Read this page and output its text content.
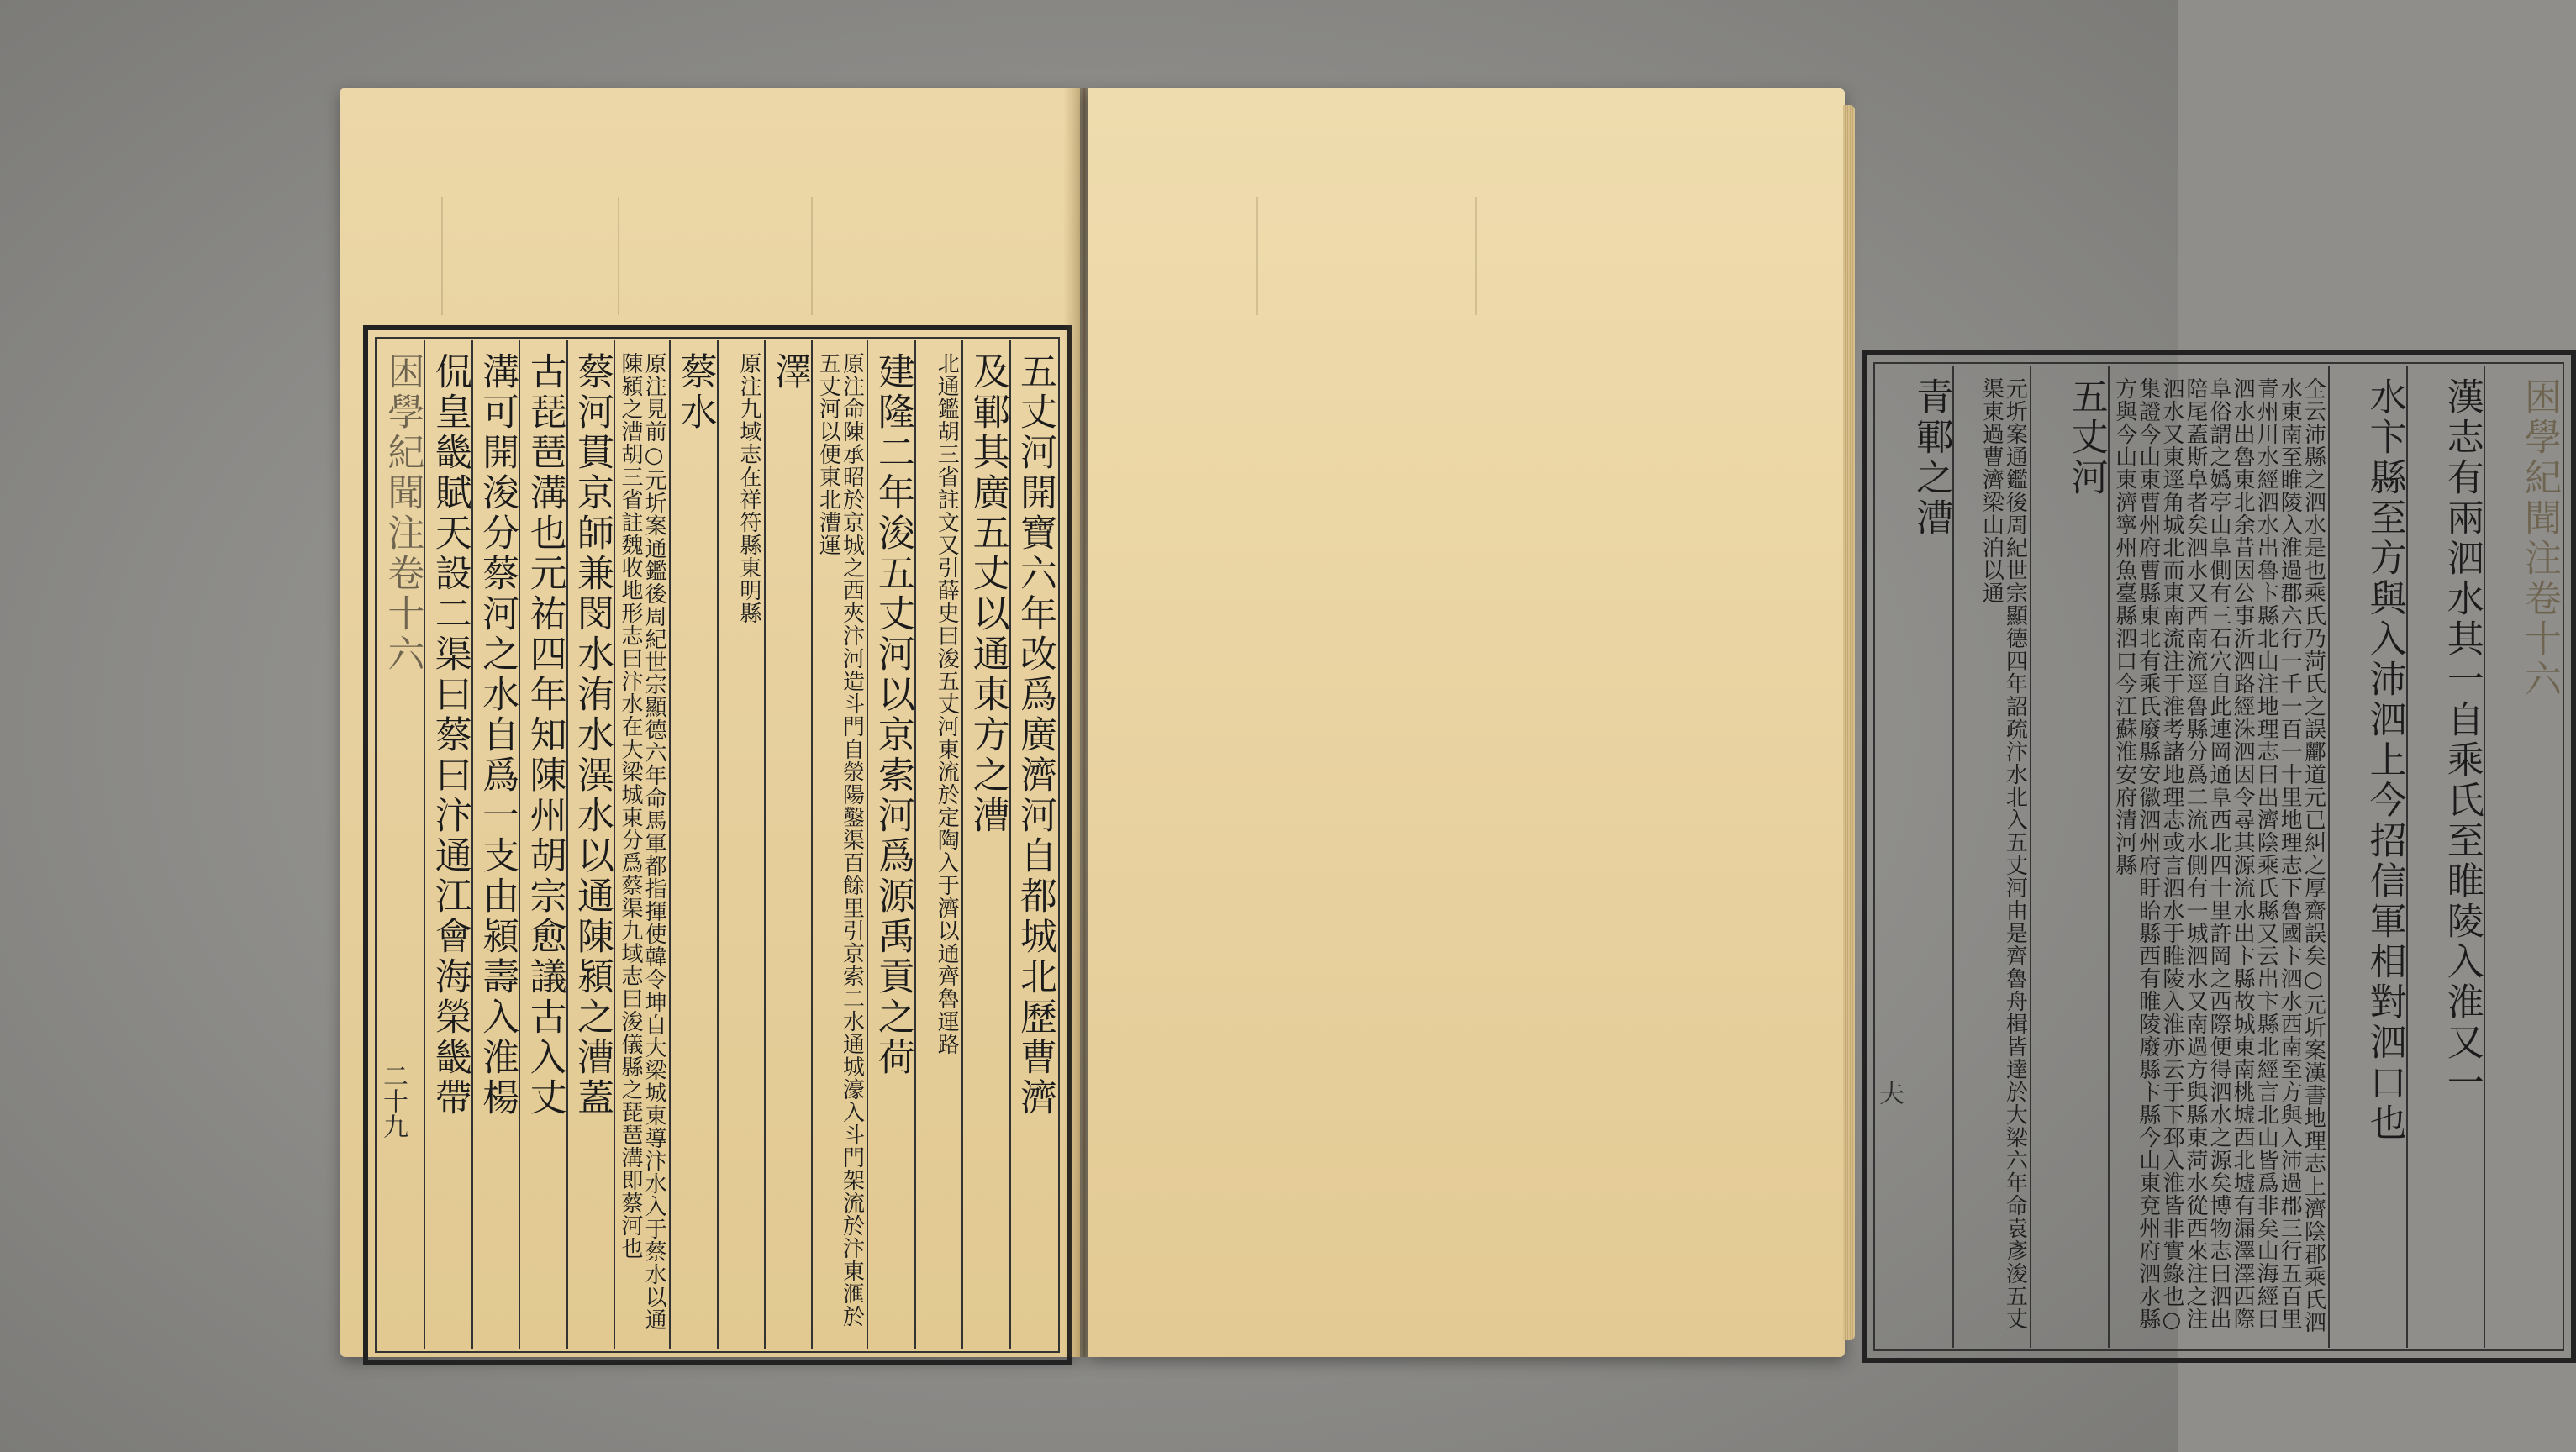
五丈河開寶六年改爲廣濟河自都城北歷曹濟
及鄆其廣五丈以通東方之漕
北通鑑胡三省註文又引薛史曰浚五丈河東流於定陶入于濟以通齊魯運路
建隆二年浚五丈河以京索河爲源禹貢之荷
原注命陳承昭於京城之西夾汴河造斗門自滎陽鑿渠百餘里引京索二水通城濠入斗門架流於汴東滙於五丈河以便東北漕運
澤
原注九域志在祥符縣東明縣
蔡水
原注見前○元圻案通鑑後周紀世宗顯德六年命馬軍都指揮使韓令坤自大梁城東導汴水入于蔡水以通陳潁之漕胡三省註魏收地形志曰汴水在大梁城東分爲蔡渠九域志曰浚儀縣之琵琶溝即蔡河也
蔡河貫京師兼閔水洧水潩水以通陳潁之漕蓋
古琵琶溝也元祐四年知陳州胡宗愈議古入丈
溝可開浚分蔡河之水自爲一支由潁壽入淮楊
侃皇畿賦天設二渠曰蔡曰汴通江會海榮畿帶
困學紀聞注卷十六
二十九
困學紀聞注卷十六
漢志有兩泗水其一自乘氏至睢陵入淮又一
水卞縣至方與入沛泗上今招信軍相對泗口也
全云沛縣之泗水是也乘氏乃菏氏之誤酈道元已糾之厚齋誤矣○元圻案漢書地理志上濟陰郡乘氏泗水東南至睢陵入淮過郡六行一千一百一十里地理志下魯國卞泗水西南至方與入沛過郡三行五百里青州川水經泗水出魯卞縣北山注地理志曰出濟陰乘氏縣又云出卞縣北經言北山皆爲非矣山海經曰泗水出魯東北余昔因公事沂泗路經洙泗因令尋其源流水出卞縣故城東南桃墟西北墟有漏澤澤西際阜俗謂之嬀亭山阜側有三石穴自此連岡通阜西北四十里許岡之西際便得泗水之源矣博物志曰泗出陪尾蓋斯阜者矣泗水又西南流逕魯縣分爲二流水側有一城泗水又南過方與縣東菏水從西來注之注泗水又東逕角城北而東南流注于淮考諸地理志或言泗水于睢陵入淮亦云于下邳入淮皆非實錄也○集證今山東曹州府曹縣東北有乘氏廢縣安徽泗州府盱眙縣西有睢陵廢縣卞縣今山東兗州府泗水縣方與今山東濟寧州魚臺縣泗口今江蘇淮安府清河縣
五丈河
元圻案通鑑後周紀世宗顯德四年詔疏汴水北入五丈河由是齊魯舟楫皆達於大梁六年命袁彥浚五丈渠東過曹濟梁山泊以通
青鄆之漕
夫
